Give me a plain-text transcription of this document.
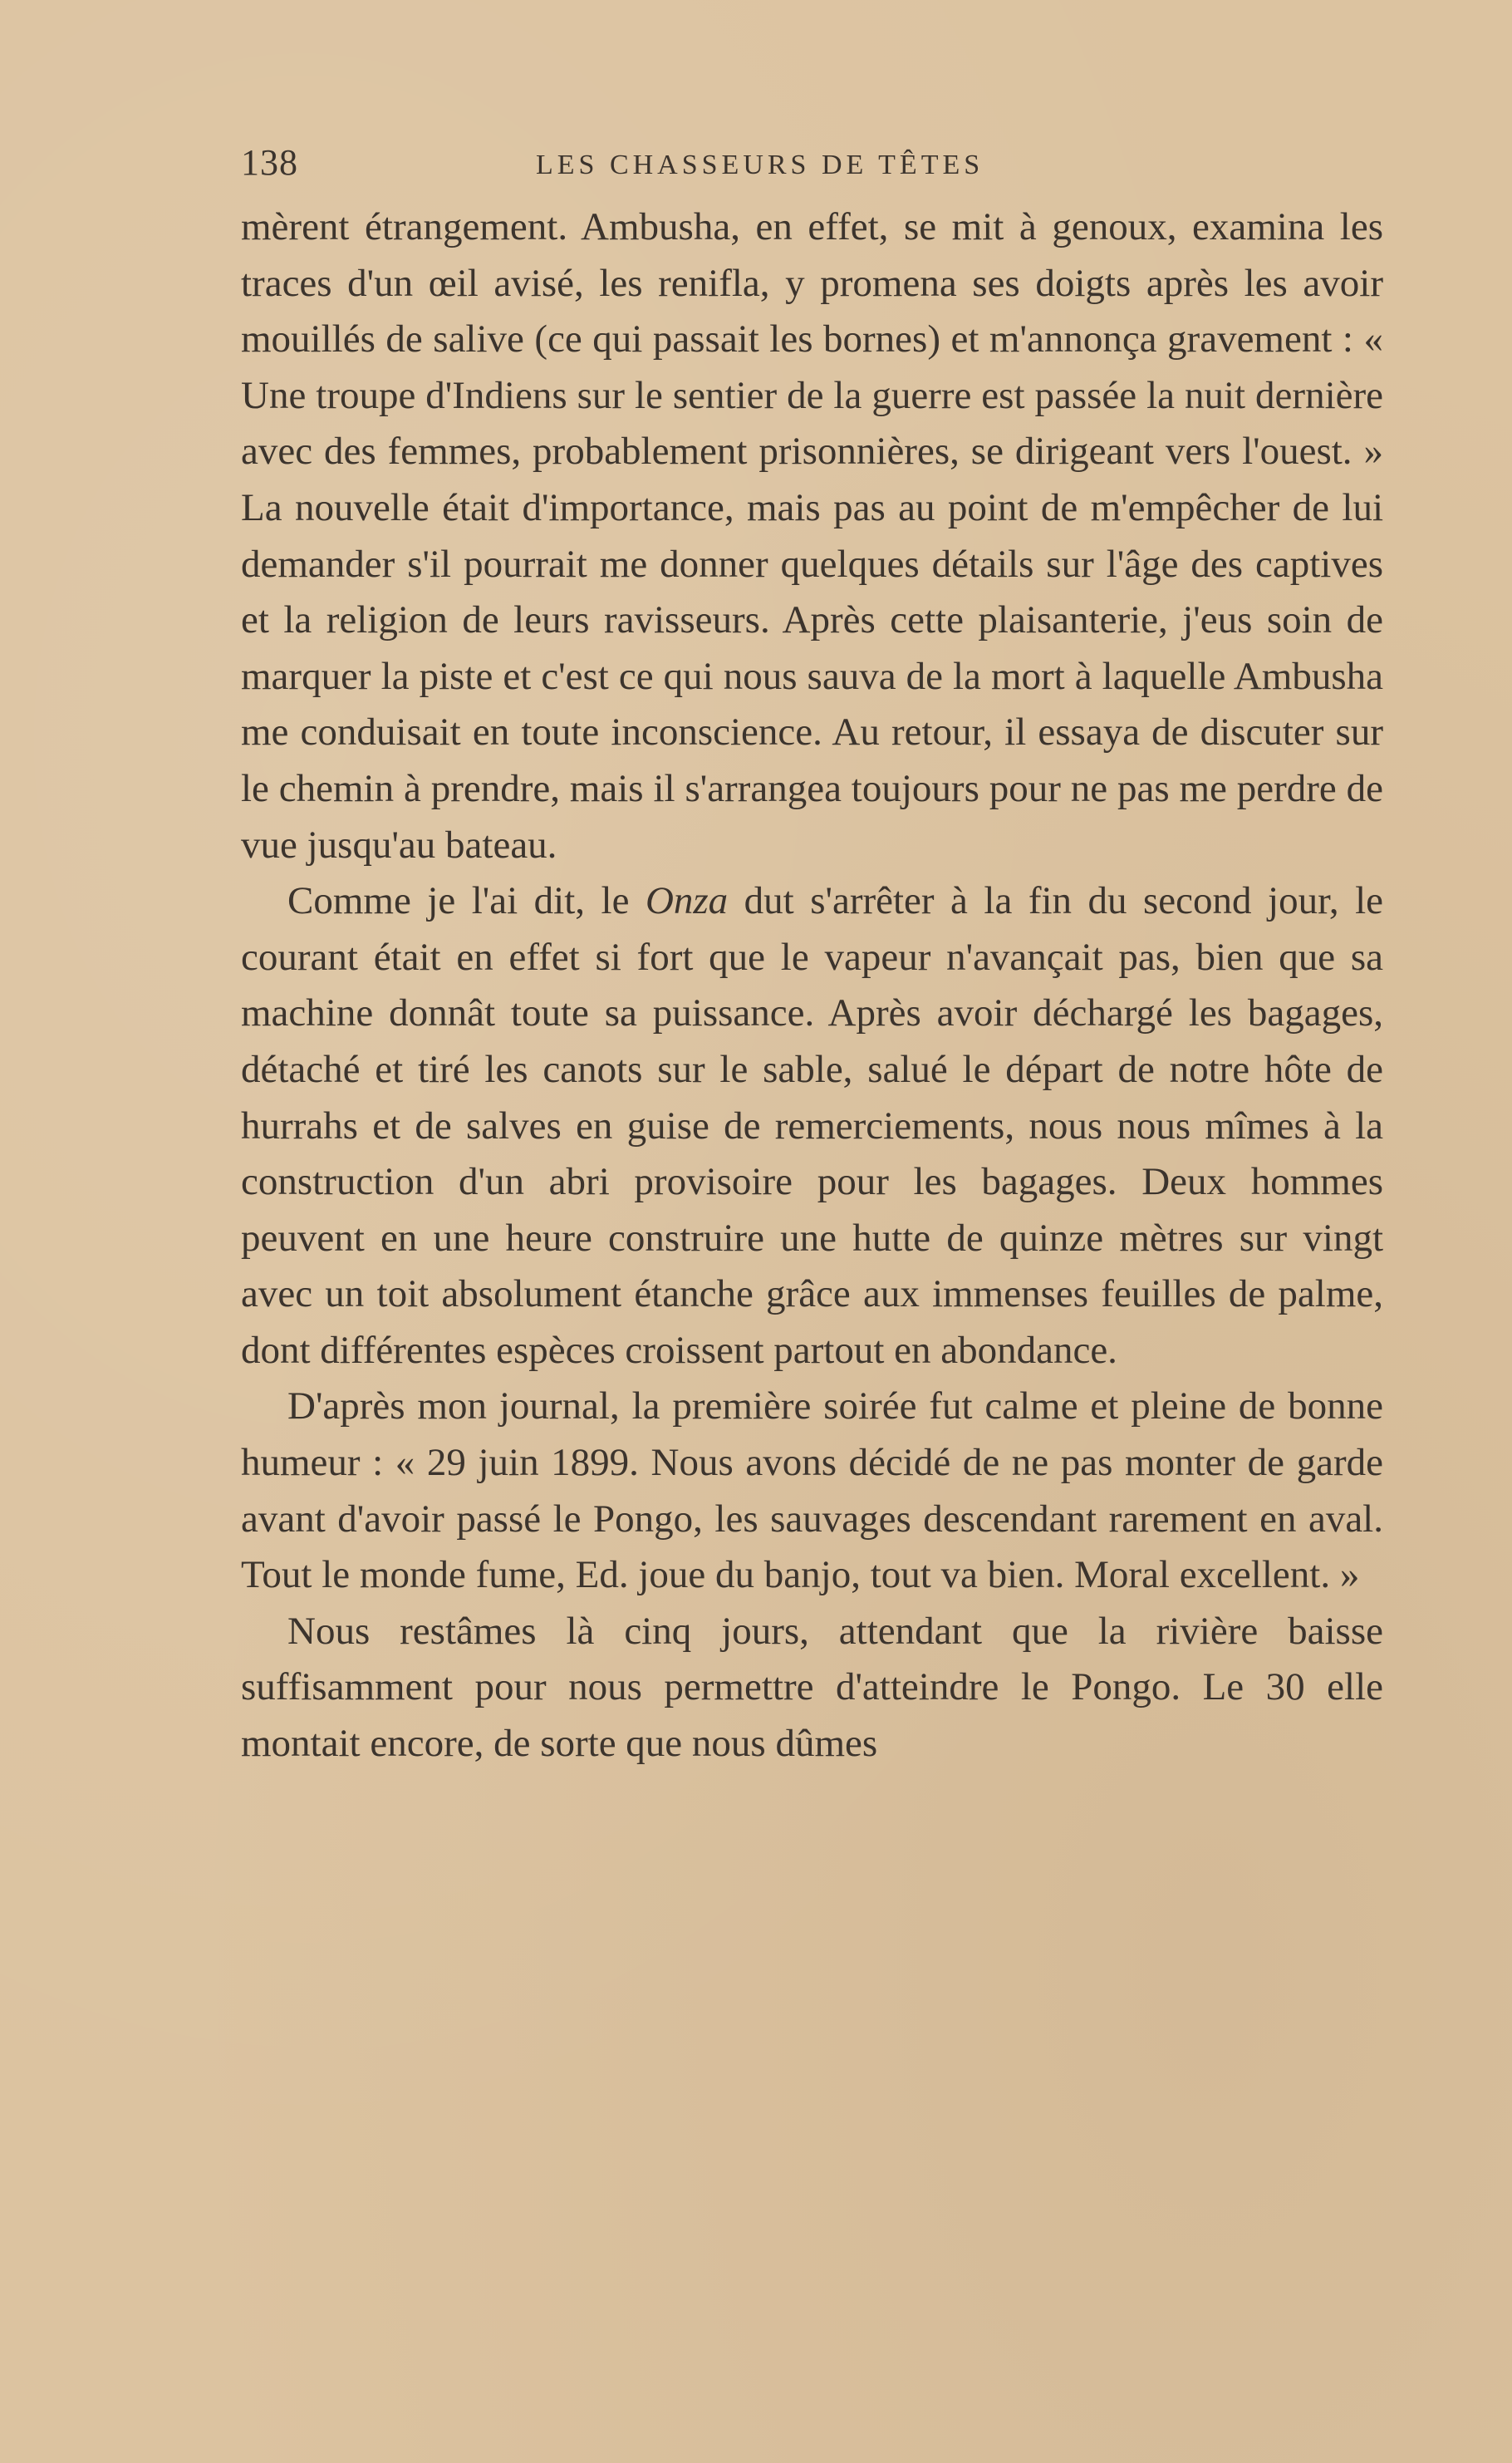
138	LES CHASSEURS DE TÊTES

mèrent étrangement. Ambusha, en effet, se mit à genoux, examina les traces d'un œil avisé, les renifla, y promena ses doigts après les avoir mouillés de salive (ce qui passait les bornes) et m'annonça gravement : « Une troupe d'Indiens sur le sentier de la guerre est passée la nuit dernière avec des femmes, probablement prisonnières, se dirigeant vers l'ouest. » La nouvelle était d'importance, mais pas au point de m'empêcher de lui demander s'il pourrait me donner quelques détails sur l'âge des captives et la religion de leurs ravisseurs. Après cette plaisanterie, j'eus soin de marquer la piste et c'est ce qui nous sauva de la mort à laquelle Ambusha me conduisait en toute inconscience. Au retour, il essaya de discuter sur le chemin à prendre, mais il s'arrangea toujours pour ne pas me perdre de vue jusqu'au bateau.

Comme je l'ai dit, le Onza dut s'arrêter à la fin du second jour, le courant était en effet si fort que le vapeur n'avançait pas, bien que sa machine donnât toute sa puissance. Après avoir déchargé les bagages, détaché et tiré les canots sur le sable, salué le départ de notre hôte de hurrahs et de salves en guise de remerciements, nous nous mîmes à la construction d'un abri provisoire pour les bagages. Deux hommes peuvent en une heure construire une hutte de quinze mètres sur vingt avec un toit absolument étanche grâce aux immenses feuilles de palme, dont différentes espèces croissent partout en abondance.

D'après mon journal, la première soirée fut calme et pleine de bonne humeur : « 29 juin 1899. Nous avons décidé de ne pas monter de garde avant d'avoir passé le Pongo, les sauvages descendant rarement en aval. Tout le monde fume, Ed. joue du banjo, tout va bien. Moral excellent. »

Nous restâmes là cinq jours, attendant que la rivière baisse suffisamment pour nous permettre d'atteindre le Pongo. Le 30 elle montait encore, de sorte que nous dûmes
